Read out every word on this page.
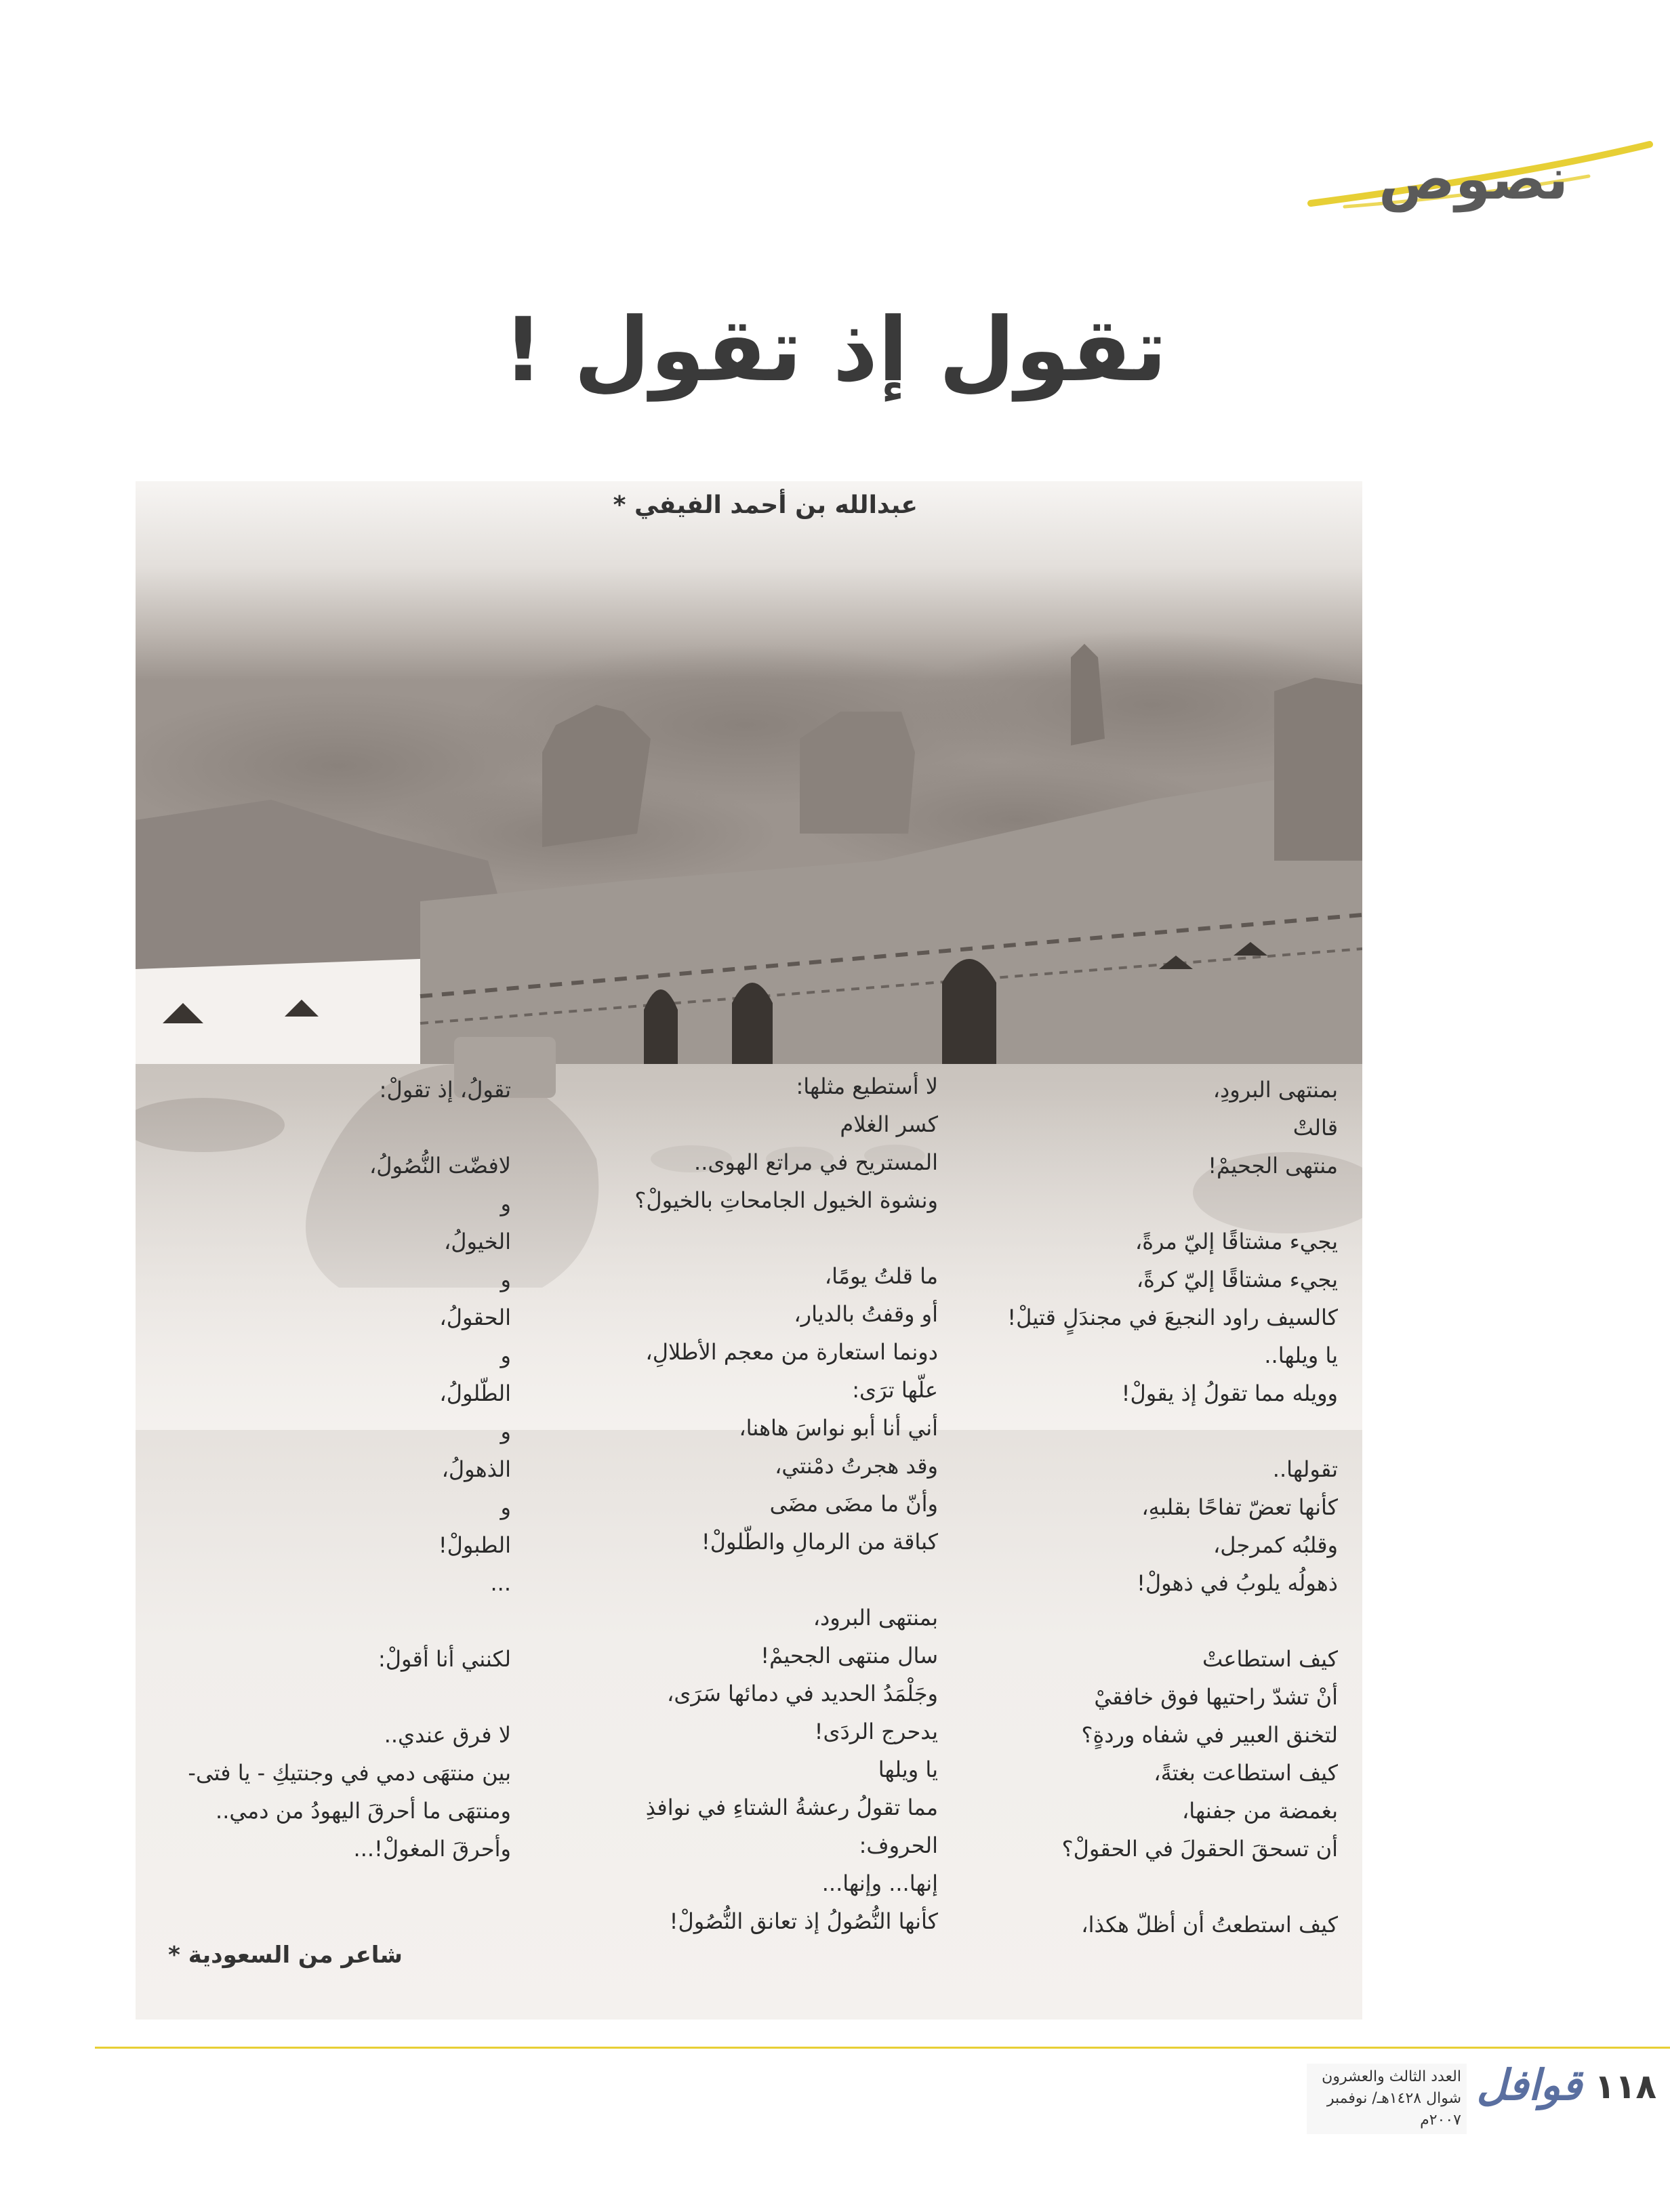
نصوص
تقول إذ تقول !
عبدالله بن أحمد الفيفي *
بمنتهى البرودِ،
قالتْ
منتهى الجحيمْ!
يجيء مشتاقًا إليّ مرةً،
يجيء مشتاقًا إليّ كرةً،
كالسيف راود النجيعَ في مجندَلٍ قتيلْ!
يا ويلها..
وويله مما تقولُ إذ يقولْ!
تقولها..
كأنها تعضّ تفاحًا بقلبهِ،
وقلبُه كمرجل،
ذهولُه يلوبُ في ذهولْ!
كيف استطاعتْ
أنْ تشدّ راحتيها فوق خافقيْ
لتخنق العبير في شفاه وردةٍ؟
كيف استطاعت بغتةً،
بغمضة من جفنها،
أن تسحقَ الحقولَ في الحقولْ؟
كيف استطعتُ أن أظلّ هكذا،
لا أستطيع مثلها:
كسر الغلام
المستريح في مراتع الهوى..
ونشوة الخيول الجامحاتِ بالخيولْ؟
ما قلتُ يومًا،
أو وقفتُ بالديار،
دونما استعارة من معجم الأطلالِ،
علّها ترَى:
أني أنا أبو نواسَ هاهنا،
وقد هجرتُ دمْنتي،
وأنّ ما مضَى مضَى
كباقة من الرمالِ والطّلولْ!
بمنتهى البرود،
سال منتهى الجحيمْ!
وجَلْمَدُ الحديد في دمائها سَرَى،
يدحرج الردَى!
يا ويلها
مما تقولُ رعشةُ الشتاءِ في نوافذِ
الحروف:
إنها... وإنها...
كأنها النُّصُولُ إذ تعانق النُّصُولْ!
تقولُ، إذ تقولْ:
لافضّت النُّصُولُ،
و
الخيولُ،
و
الحقولُ،
و
الطّلولُ،
و
الذهولُ،
و
الطبولْ!
...
لكنني أنا أقولْ:
لا فرق عندي..
بين منتهَى دمي في وجنتيكِ - يا فتى-
ومنتهَى ما أحرقَ اليهودُ من دمي..
وأحرقَ المغولْ!...
شاعر من السعودية *
١١٨
قوافل
العدد الثالث والعشرون
شوال ١٤٢٨هـ/ نوفمبر ٢٠٠٧م
